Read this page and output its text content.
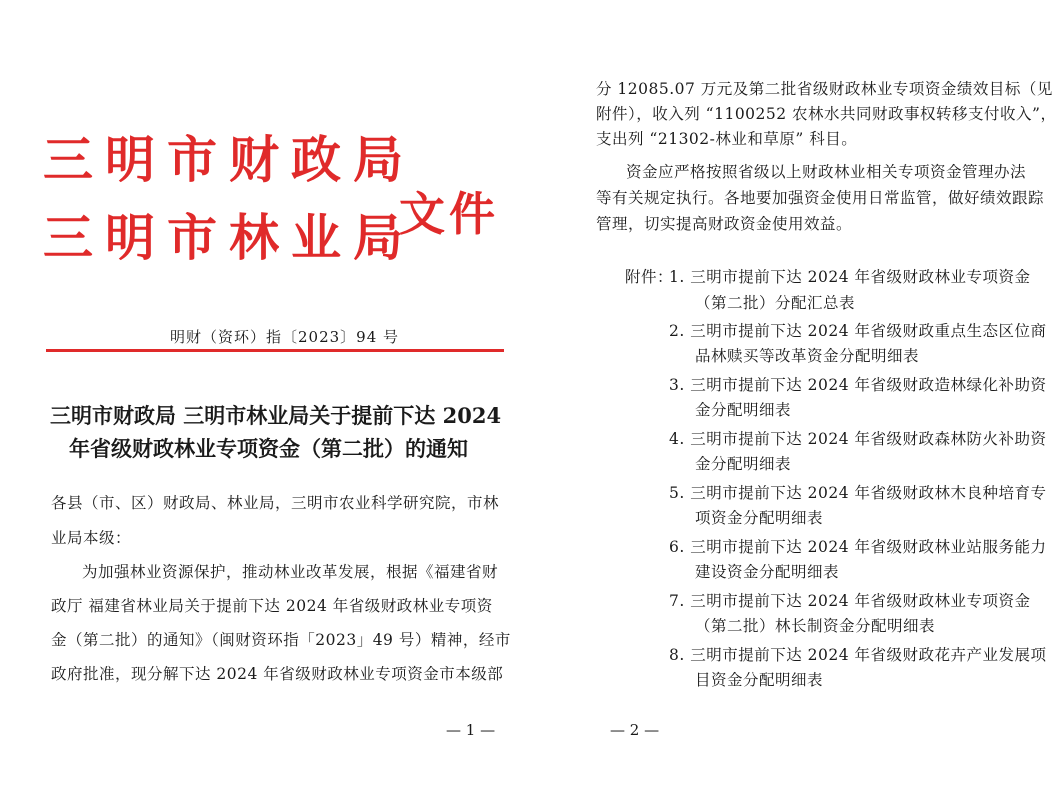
三明市财政局
三明市林业局
文件
明财（资环）指〔2023〕94 号
三明市财政局 三明市林业局关于提前下达 2024
年省级财政林业专项资金（第二批）的通知
各县（市、区）财政局、林业局，三明市农业科学研究院，市林
业局本级：
为加强林业资源保护，推动林业改革发展，根据《福建省财
政厅 福建省林业局关于提前下达 2024 年省级财政林业专项资
金（第二批）的通知》（闽财资环指「2023」49 号）精神，经市
政府批准，现分解下达 2024 年省级财政林业专项资金市本级部
— 1 —
分 12085.07 万元及第二批省级财政林业专项资金绩效目标（见
附件），收入列 “1100252 农林水共同财政事权转移支付收入”，
支出列 “21302-林业和草原” 科目。
资金应严格按照省级以上财政林业相关专项资金管理办法
等有关规定执行。各地要加强资金使用日常监管，做好绩效跟踪
管理，切实提高财政资金使用效益。
附件：
1. 三明市提前下达 2024 年省级财政林业专项资金
（第二批）分配汇总表
2. 三明市提前下达 2024 年省级财政重点生态区位商
品林赎买等改革资金分配明细表
3. 三明市提前下达 2024 年省级财政造林绿化补助资
金分配明细表
4. 三明市提前下达 2024 年省级财政森林防火补助资
金分配明细表
5. 三明市提前下达 2024 年省级财政林木良种培育专
项资金分配明细表
6. 三明市提前下达 2024 年省级财政林业站服务能力
建设资金分配明细表
7. 三明市提前下达 2024 年省级财政林业专项资金
（第二批）林长制资金分配明细表
8. 三明市提前下达 2024 年省级财政花卉产业发展项
目资金分配明细表
— 2 —
